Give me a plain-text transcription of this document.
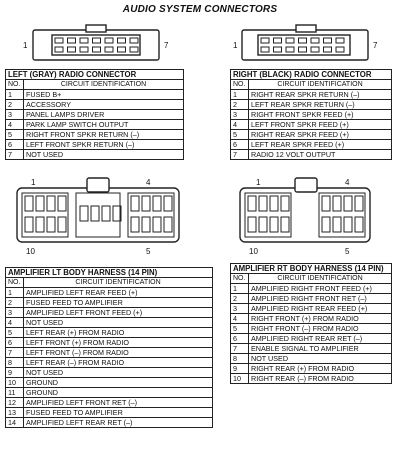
AUDIO SYSTEM CONNECTORS
1	7	1	7
1	4
10	5
1	4
10	5
LEFT (GRAY) RADIO CONNECTOR	
NO.	CIRCUIT IDENTIFICATION
1	FUSED B+
2	ACCESSORY
3	PANEL LAMPS DRIVER
4	PARK LAMP SWITCH OUTPUT
5	RIGHT FRONT SPKR RETURN (–)
6	LEFT FRONT SPKR RETURN (–)
7	NOT USED
RIGHT (BLACK) RADIO CONNECTOR	
NO.	CIRCUIT IDENTIFICATION
1	RIGHT REAR SPKR RETURN (–)
2	LEFT REAR SPKR RETURN (–)
3	RIGHT FRONT SPKR FEED (+)
4	LEFT FRONT SPKR FEED (+)
5	RIGHT REAR SPKR FEED (+)
6	LEFT REAR SPKR FEED (+)
7	RADIO 12 VOLT OUTPUT
AMPLIFIER LT BODY HARNESS (14 PIN)	
NO.	CIRCUIT IDENTIFICATION
1	AMPLIFIED LEFT REAR FEED (+)
2	FUSED FEED TO AMPLIFIER
3	AMPLIFIED LEFT FRONT FEED (+)
4	NOT USED
5	LEFT REAR (+) FROM RADIO
6	LEFT FRONT (+) FROM RADIO
7	LEFT FRONT (–) FROM RADIO
8	LEFT REAR (–) FROM RADIO
9	NOT USED
10	GROUND
11	GROUND
12	AMPLIFIED LEFT FRONT RET (–)
13	FUSED FEED TO AMPLIFIER
14	AMPLIFIED LEFT REAR RET (–)
AMPLIFIER RT BODY HARNESS (14 PIN)	
NO.	CIRCUIT IDENTIFICATION
1	AMPLIFIED RIGHT FRONT FEED (+)
2	AMPLIFIED RIGHT FRONT RET (–)
3	AMPLIFIED RIGHT REAR FEED (+)
4	RIGHT FRONT (+) FROM RADIO
5	RIGHT FRONT (–) FROM RADIO
6	AMPLIFIED RIGHT REAR RET (–)
7	ENABLE SIGNAL TO AMPLIFIER
8	NOT USED
9	RIGHT REAR (+) FROM RADIO
10	RIGHT REAR (–) FROM RADIO
